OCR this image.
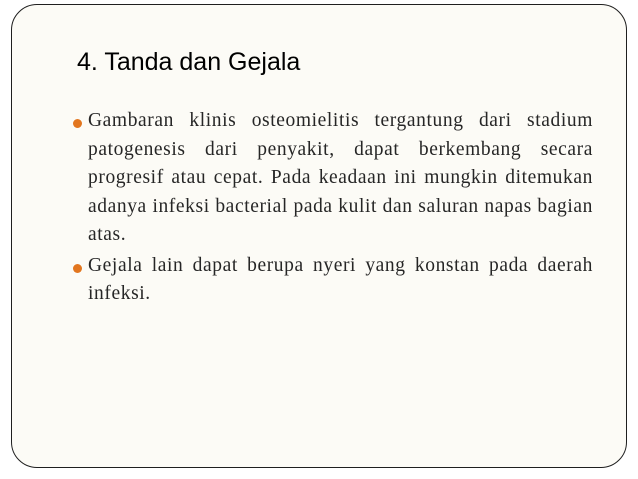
4. Tanda dan Gejala
Gambaran klinis osteomielitis tergantung dari stadium patogenesis dari penyakit, dapat berkembang secara progresif atau cepat. Pada keadaan ini mungkin ditemukan adanya infeksi bacterial pada kulit dan saluran napas bagian atas.
Gejala lain dapat berupa nyeri yang konstan pada daerah infeksi.
